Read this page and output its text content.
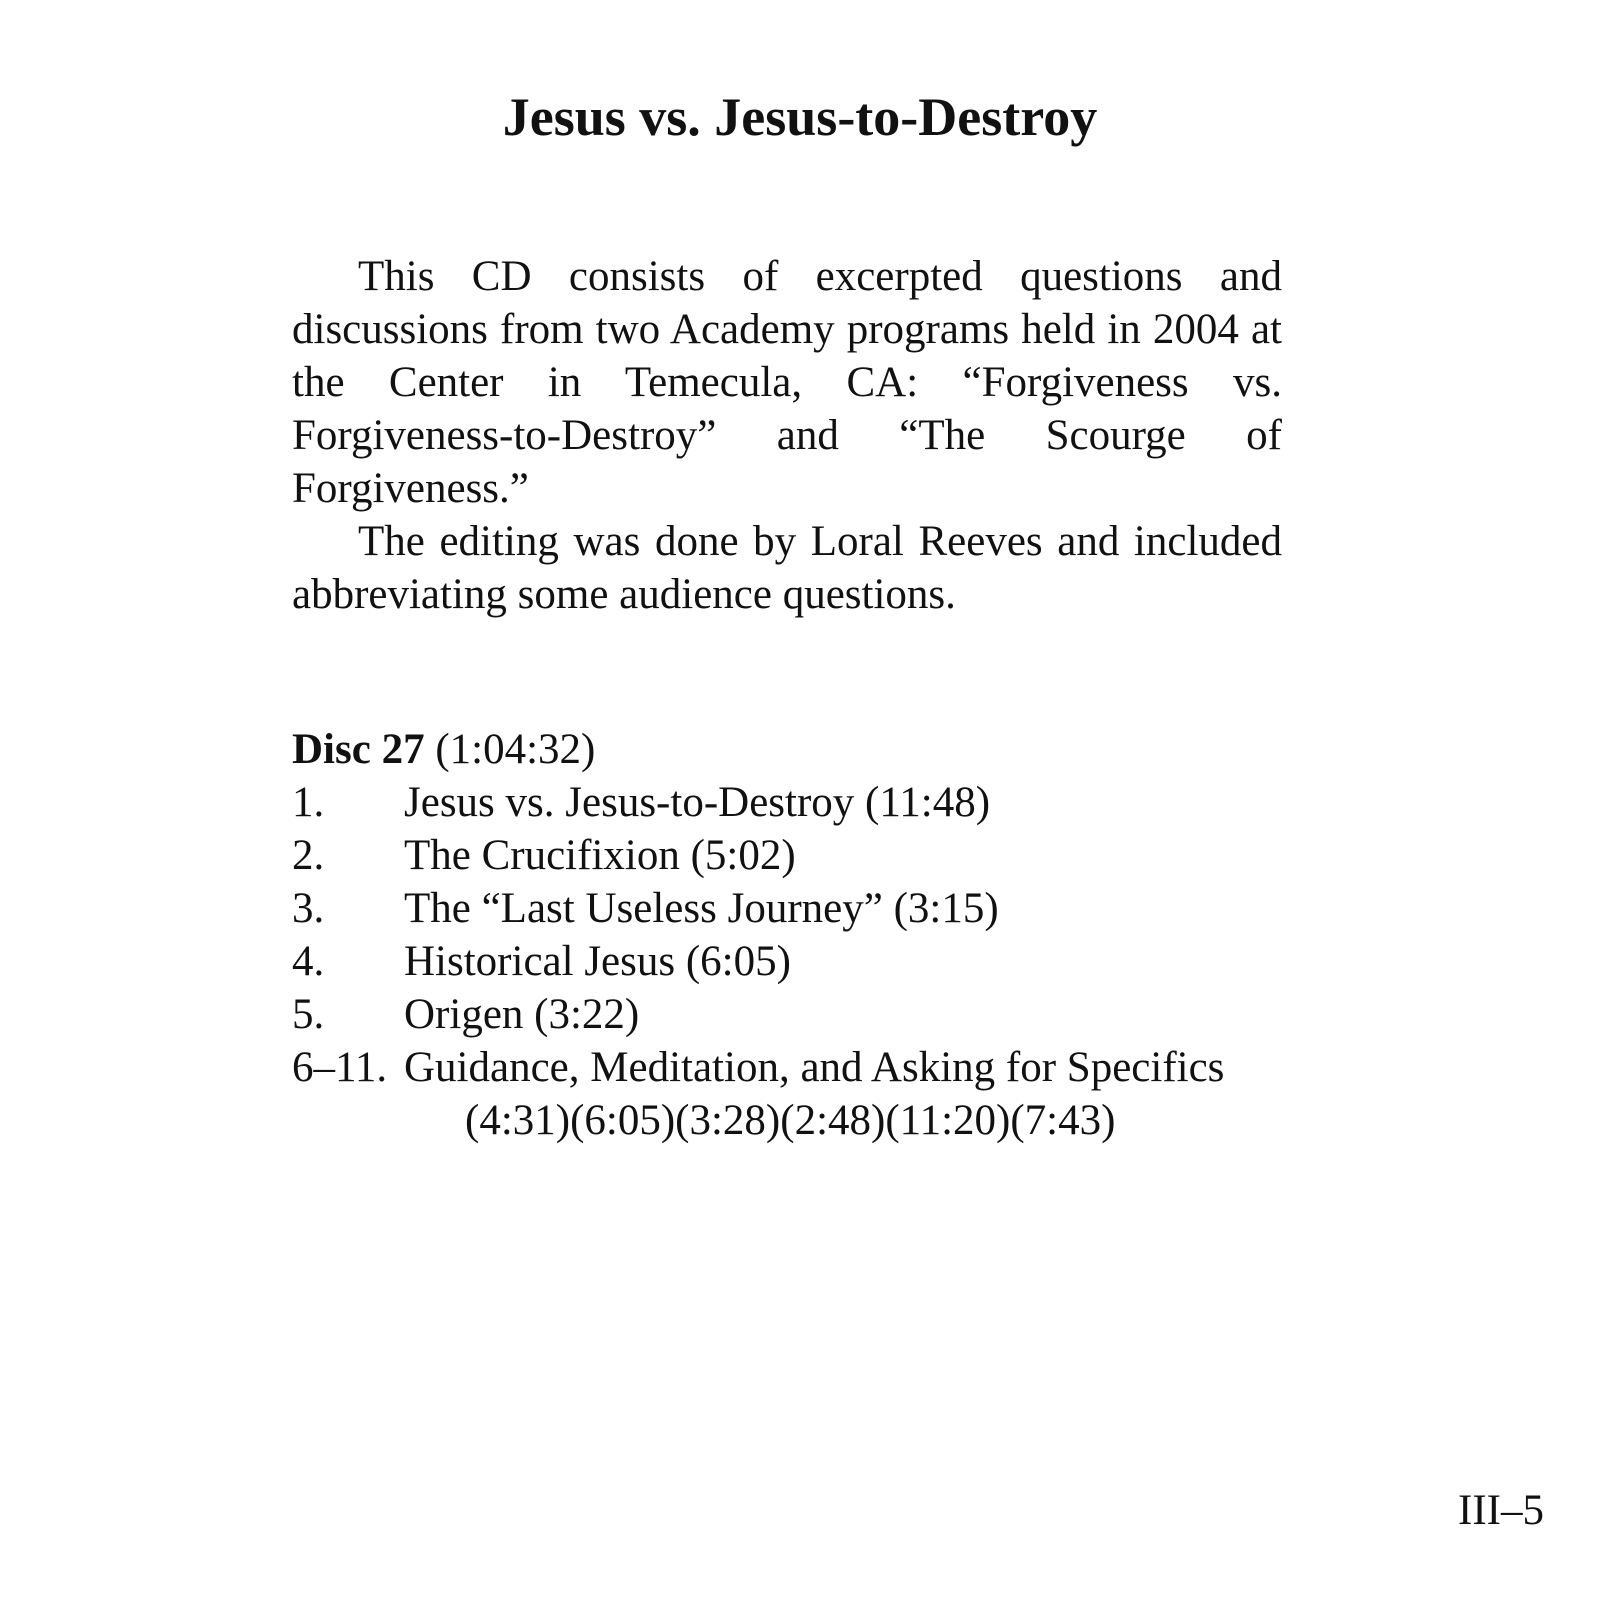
Jesus vs. Jesus-to-Destroy

This CD consists of excerpted questions and discussions from two Academy programs held in 2004 at the Center in Temecula, CA: “Forgiveness vs. Forgiveness-to-Destroy” and “The Scourge of Forgiveness.”

The editing was done by Loral Reeves and included abbreviating some audience questions.

Disc 27 (1:04:32)
1. Jesus vs. Jesus-to-Destroy (11:48)
2. The Crucifixion (5:02)
3. The “Last Useless Journey” (3:15)
4. Historical Jesus (6:05)
5. Origen (3:22)
6–11. Guidance, Meditation, and Asking for Specifics
(4:31)(6:05)(3:28)(2:48)(11:20)(7:43)
III–5
